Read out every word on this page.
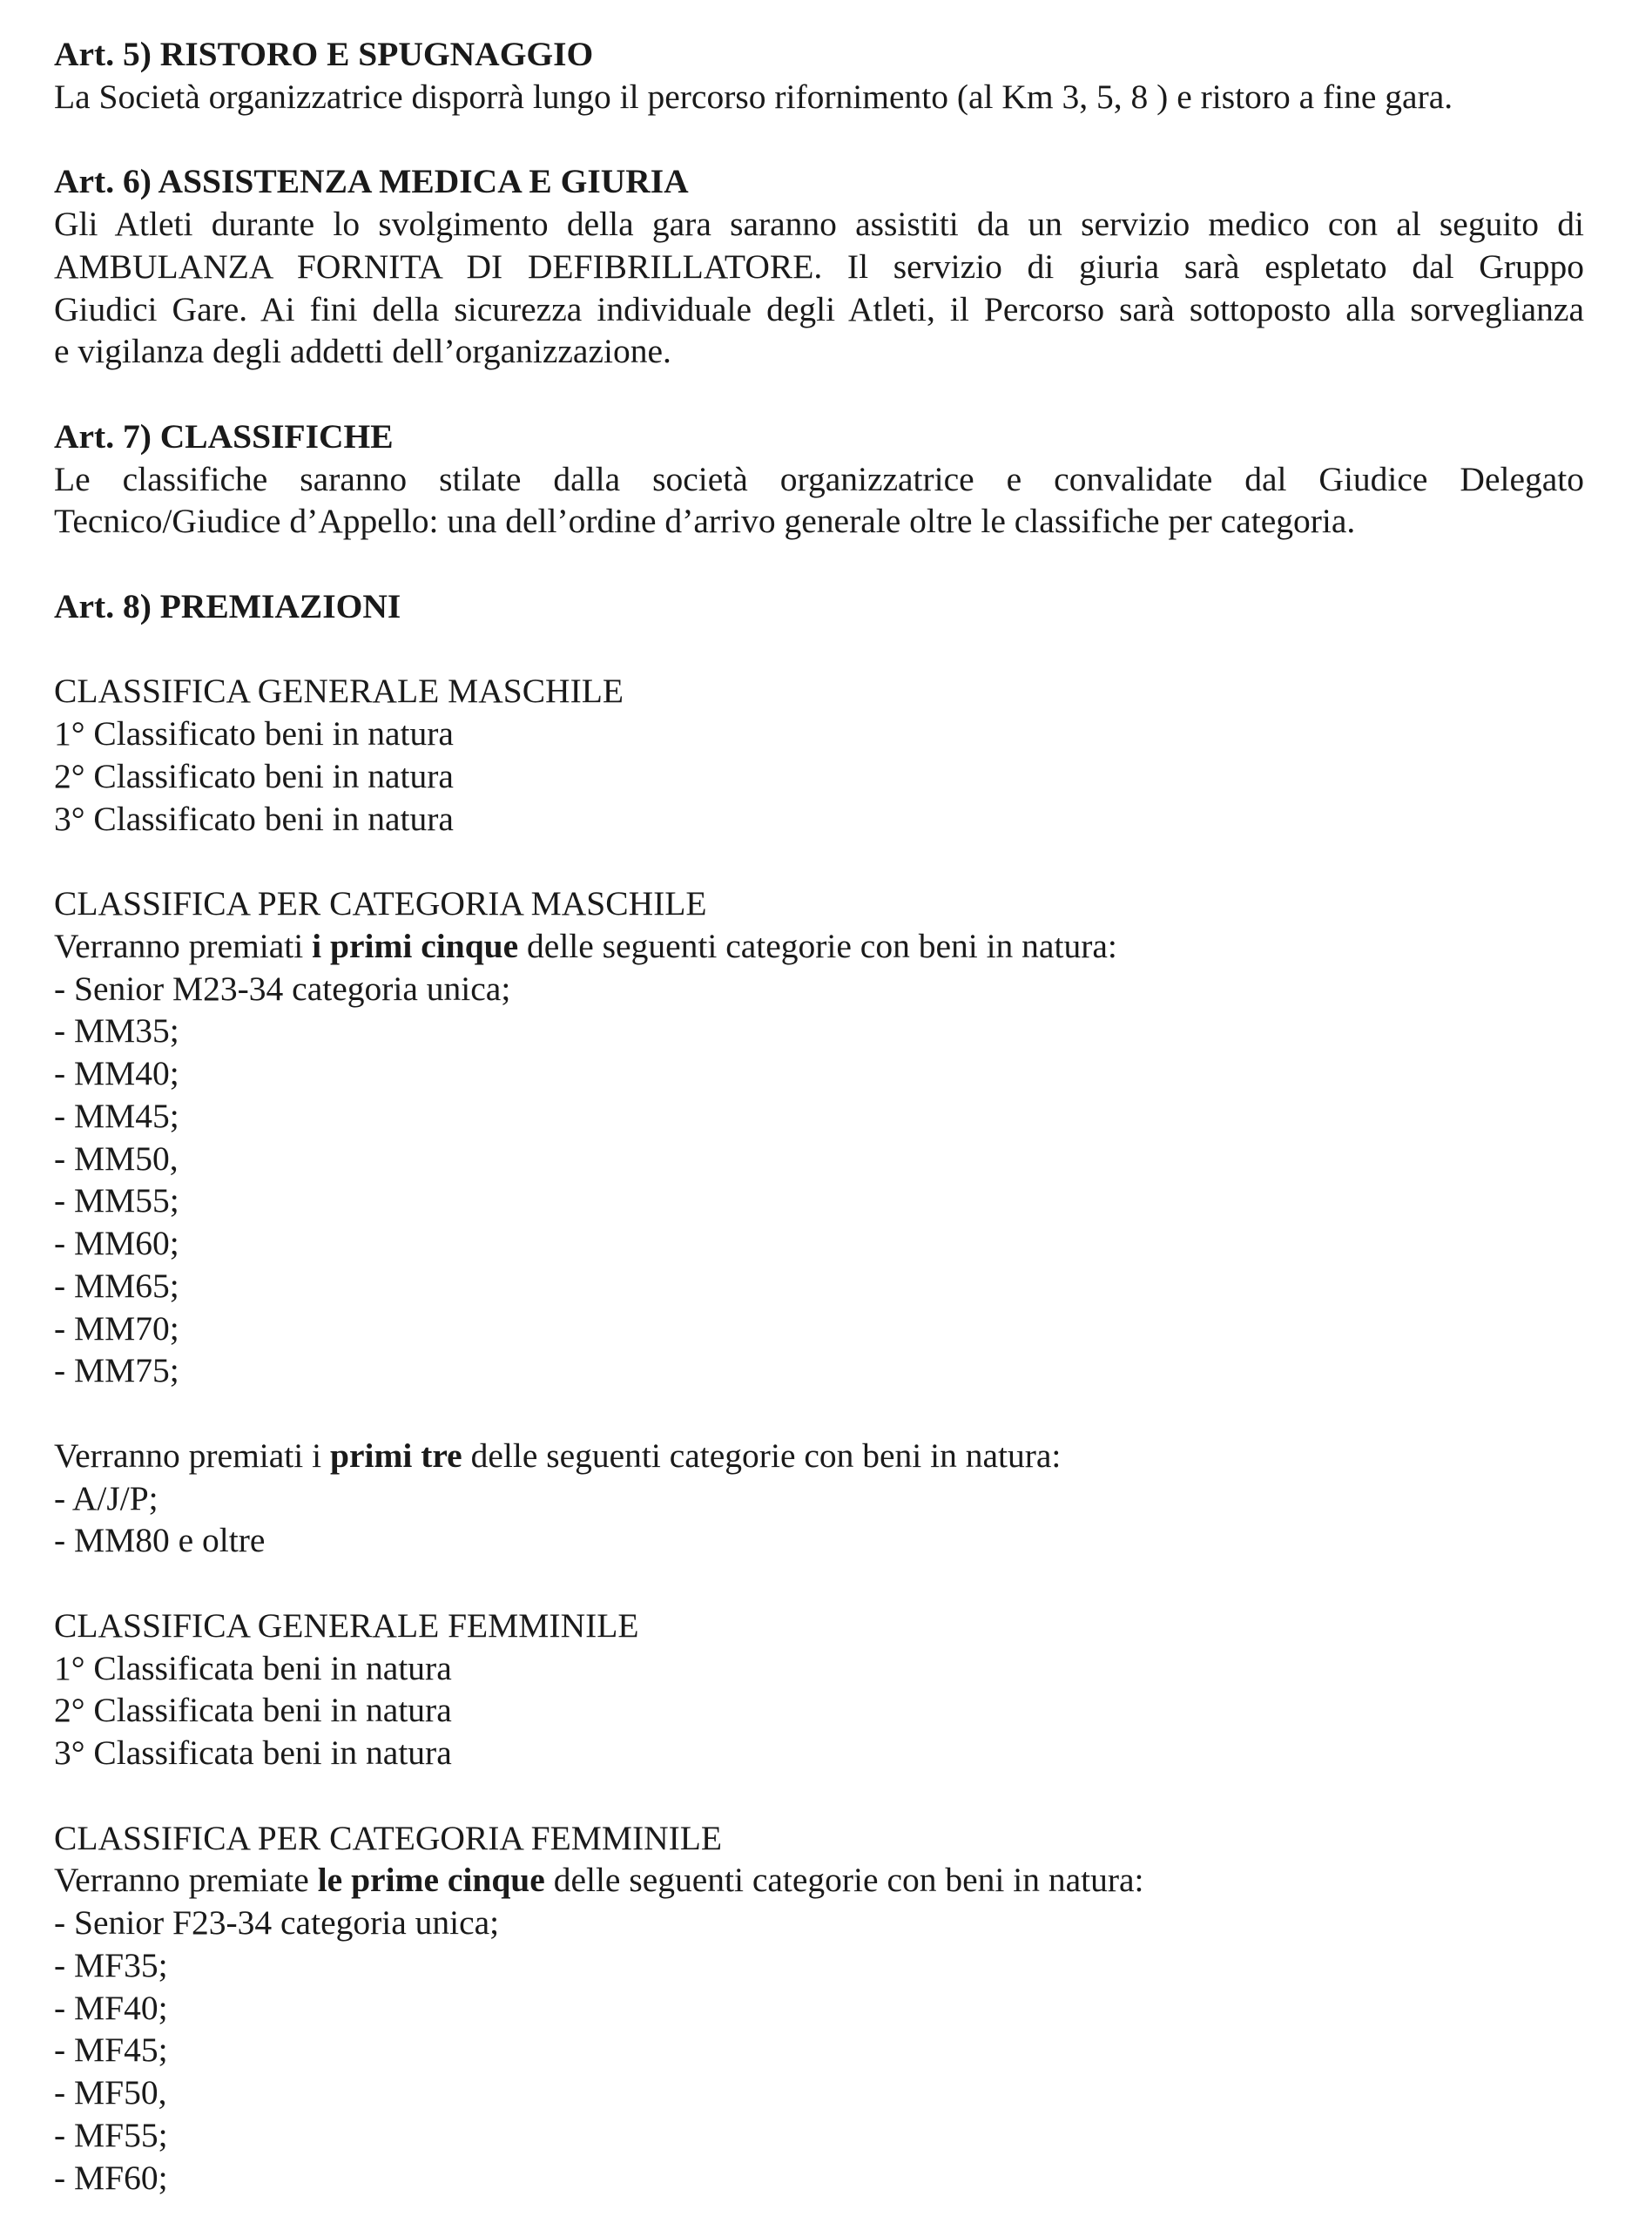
Art. 5) RISTORO E SPUGNAGGIO
La Società organizzatrice disporrà lungo il percorso rifornimento (al Km 3, 5, 8 ) e ristoro a fine gara.
Art. 6) ASSISTENZA MEDICA E GIURIA
Gli Atleti durante lo svolgimento della gara saranno assistiti da un servizio medico con al seguito di
AMBULANZA FORNITA DI DEFIBRILLATORE. Il servizio di giuria sarà espletato dal Gruppo
Giudici Gare. Ai fini della sicurezza individuale degli Atleti, il Percorso sarà sottoposto alla sorveglianza
e vigilanza degli addetti dell’organizzazione.
Art. 7) CLASSIFICHE
Le classifiche saranno stilate dalla società organizzatrice e convalidate dal Giudice Delegato
Tecnico/Giudice d’Appello: una dell’ordine d’arrivo generale oltre le classifiche per categoria.
Art. 8) PREMIAZIONI
CLASSIFICA GENERALE MASCHILE
1° Classificato beni in natura
2° Classificato beni in natura
3° Classificato beni in natura
CLASSIFICA PER CATEGORIA MASCHILE
Verranno premiati i primi cinque delle seguenti categorie con beni in natura:
- Senior M23-34 categoria unica;
- MM35;
- MM40;
- MM45;
- MM50,
- MM55;
- MM60;
- MM65;
- MM70;
- MM75;
Verranno premiati i primi tre delle seguenti categorie con beni in natura:
- A/J/P;
- MM80 e oltre
CLASSIFICA GENERALE FEMMINILE
1° Classificata beni in natura
2° Classificata beni in natura
3° Classificata beni in natura
CLASSIFICA PER CATEGORIA FEMMINILE
Verranno premiate le prime cinque delle seguenti categorie con beni in natura:
- Senior F23-34 categoria unica;
- MF35;
- MF40;
- MF45;
- MF50,
- MF55;
- MF60;
